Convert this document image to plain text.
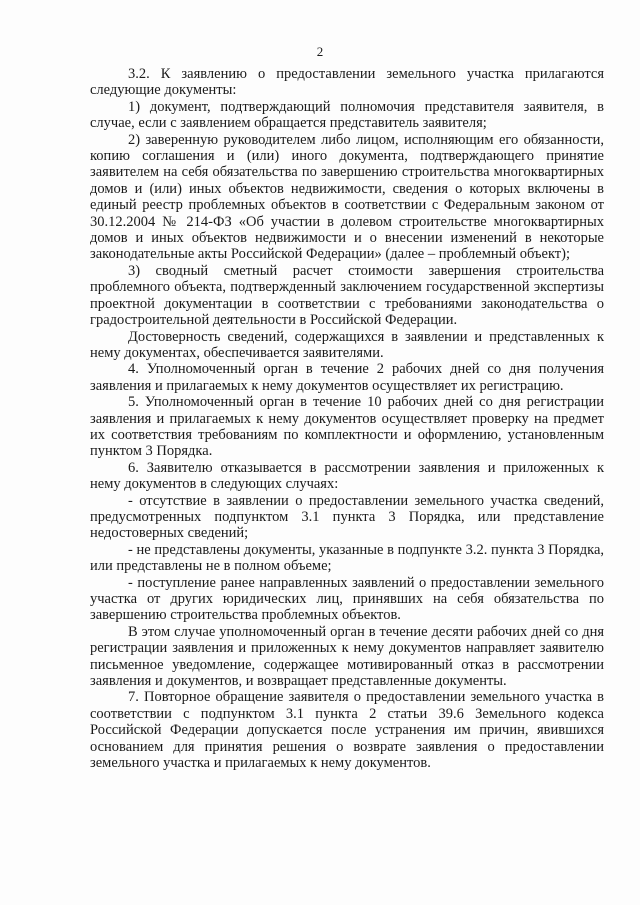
2

3.2. К заявлению о предоставлении земельного участка прилагаются следующие документы:

1) документ, подтверждающий полномочия представителя заявителя, в случае, если с заявлением обращается представитель заявителя;

2) заверенную руководителем либо лицом, исполняющим его обязанности, копию соглашения и (или) иного документа, подтверждающего принятие заявителем на себя обязательства по завершению строительства многоквартирных домов и (или) иных объектов недвижимости, сведения о которых включены в единый реестр проблемных объектов в соответствии с Федеральным законом от 30.12.2004 № 214-ФЗ «Об участии в долевом строительстве многоквартирных домов и иных объектов недвижимости и о внесении изменений в некоторые законодательные акты Российской Федерации» (далее – проблемный объект);

3) сводный сметный расчет стоимости завершения строительства проблемного объекта, подтвержденный заключением государственной экспертизы проектной документации в соответствии с требованиями законодательства о градостроительной деятельности в Российской Федерации.

Достоверность сведений, содержащихся в заявлении и представленных к нему документах, обеспечивается заявителями.

4. Уполномоченный орган в течение 2 рабочих дней со дня получения заявления и прилагаемых к нему документов осуществляет их регистрацию.

5. Уполномоченный орган в течение 10 рабочих дней со дня регистрации заявления и прилагаемых к нему документов осуществляет проверку на предмет их соответствия требованиям по комплектности и оформлению, установленным пунктом 3 Порядка.

6. Заявителю отказывается в рассмотрении заявления и приложенных к нему документов в следующих случаях:

- отсутствие в заявлении о предоставлении земельного участка сведений, предусмотренных подпунктом 3.1 пункта 3 Порядка, или представление недостоверных сведений;

- не представлены документы, указанные в подпункте 3.2. пункта 3 Порядка, или представлены не в полном объеме;

- поступление ранее направленных заявлений о предоставлении земельного участка от других юридических лиц, принявших на себя обязательства по завершению строительства проблемных объектов.

В этом случае уполномоченный орган в течение десяти рабочих дней со дня регистрации заявления и приложенных к нему документов направляет заявителю письменное уведомление, содержащее мотивированный отказ в рассмотрении заявления и документов, и возвращает представленные документы.

7. Повторное обращение заявителя о предоставлении земельного участка в соответствии с подпунктом 3.1 пункта 2 статьи 39.6 Земельного кодекса Российской Федерации допускается после устранения им причин, явившихся основанием для принятия решения о возврате заявления о предоставлении земельного участка и прилагаемых к нему документов.
